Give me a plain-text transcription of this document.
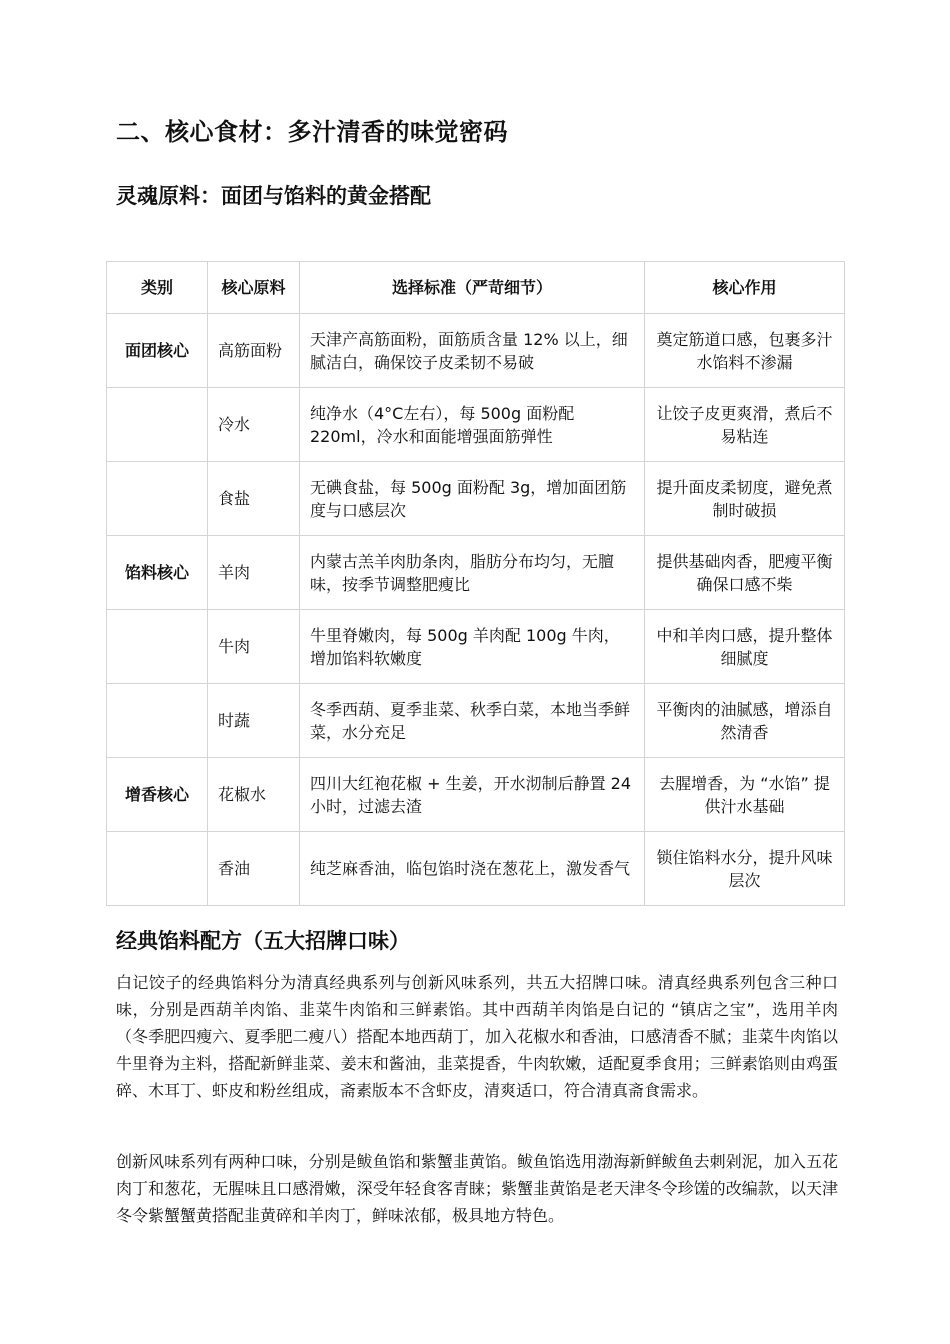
二、核心食材：多汁清香的味觉密码
灵魂原料：面团与馅料的黄金搭配
类别	核心原料	选择标准（严苛细节）	核心作用
面团核心	高筋面粉	天津产高筋面粉，面筋质含量 12% 以上，细腻洁白，确保饺子皮柔韧不易破	奠定筋道口感，包裹多汁水馅料不渗漏
	冷水	纯净水（4°C左右），每 500g 面粉配 220ml，冷水和面能增强面筋弹性	让饺子皮更爽滑，煮后不易粘连
	食盐	无碘食盐，每 500g 面粉配 3g，增加面团筋度与口感层次	提升面皮柔韧度，避免煮制时破损
馅料核心	羊肉	内蒙古羔羊肉肋条肉，脂肪分布均匀，无膻味，按季节调整肥瘦比	提供基础肉香，肥瘦平衡确保口感不柴
	牛肉	牛里脊嫩肉，每 500g 羊肉配 100g 牛肉，增加馅料软嫩度	中和羊肉口感，提升整体细腻度
	时蔬	冬季西葫、夏季韭菜、秋季白菜，本地当季鲜菜，水分充足	平衡肉的油腻感，增添自然清香
增香核心	花椒水	四川大红袍花椒 + 生姜，开水沏制后静置 24 小时，过滤去渣	去腥增香，为 “水馅” 提供汁水基础
	香油	纯芝麻香油，临包馅时浇在葱花上，激发香气	锁住馅料水分，提升风味层次
经典馅料配方（五大招牌口味）

白记饺子的经典馅料分为清真经典系列与创新风味系列，共五大招牌口味。清真经典系列包含三种口味，分别是西葫羊肉馅、韭菜牛肉馅和三鲜素馅。其中西葫羊肉馅是白记的 “镇店之宝”，选用羊肉（冬季肥四瘦六、夏季肥二瘦八）搭配本地西葫丁，加入花椒水和香油，口感清香不腻；韭菜牛肉馅以牛里脊为主料，搭配新鲜韭菜、姜末和酱油，韭菜提香，牛肉软嫩，适配夏季食用；三鲜素馅则由鸡蛋碎、木耳丁、虾皮和粉丝组成，斋素版本不含虾皮，清爽适口，符合清真斋食需求。

创新风味系列有两种口味，分别是鲅鱼馅和紫蟹韭黄馅。鲅鱼馅选用渤海新鲜鲅鱼去刺剁泥，加入五花肉丁和葱花，无腥味且口感滑嫩，深受年轻食客青睐；紫蟹韭黄馅是老天津冬令珍馐的改编款，以天津冬令紫蟹蟹黄搭配韭黄碎和羊肉丁，鲜味浓郁，极具地方特色。
